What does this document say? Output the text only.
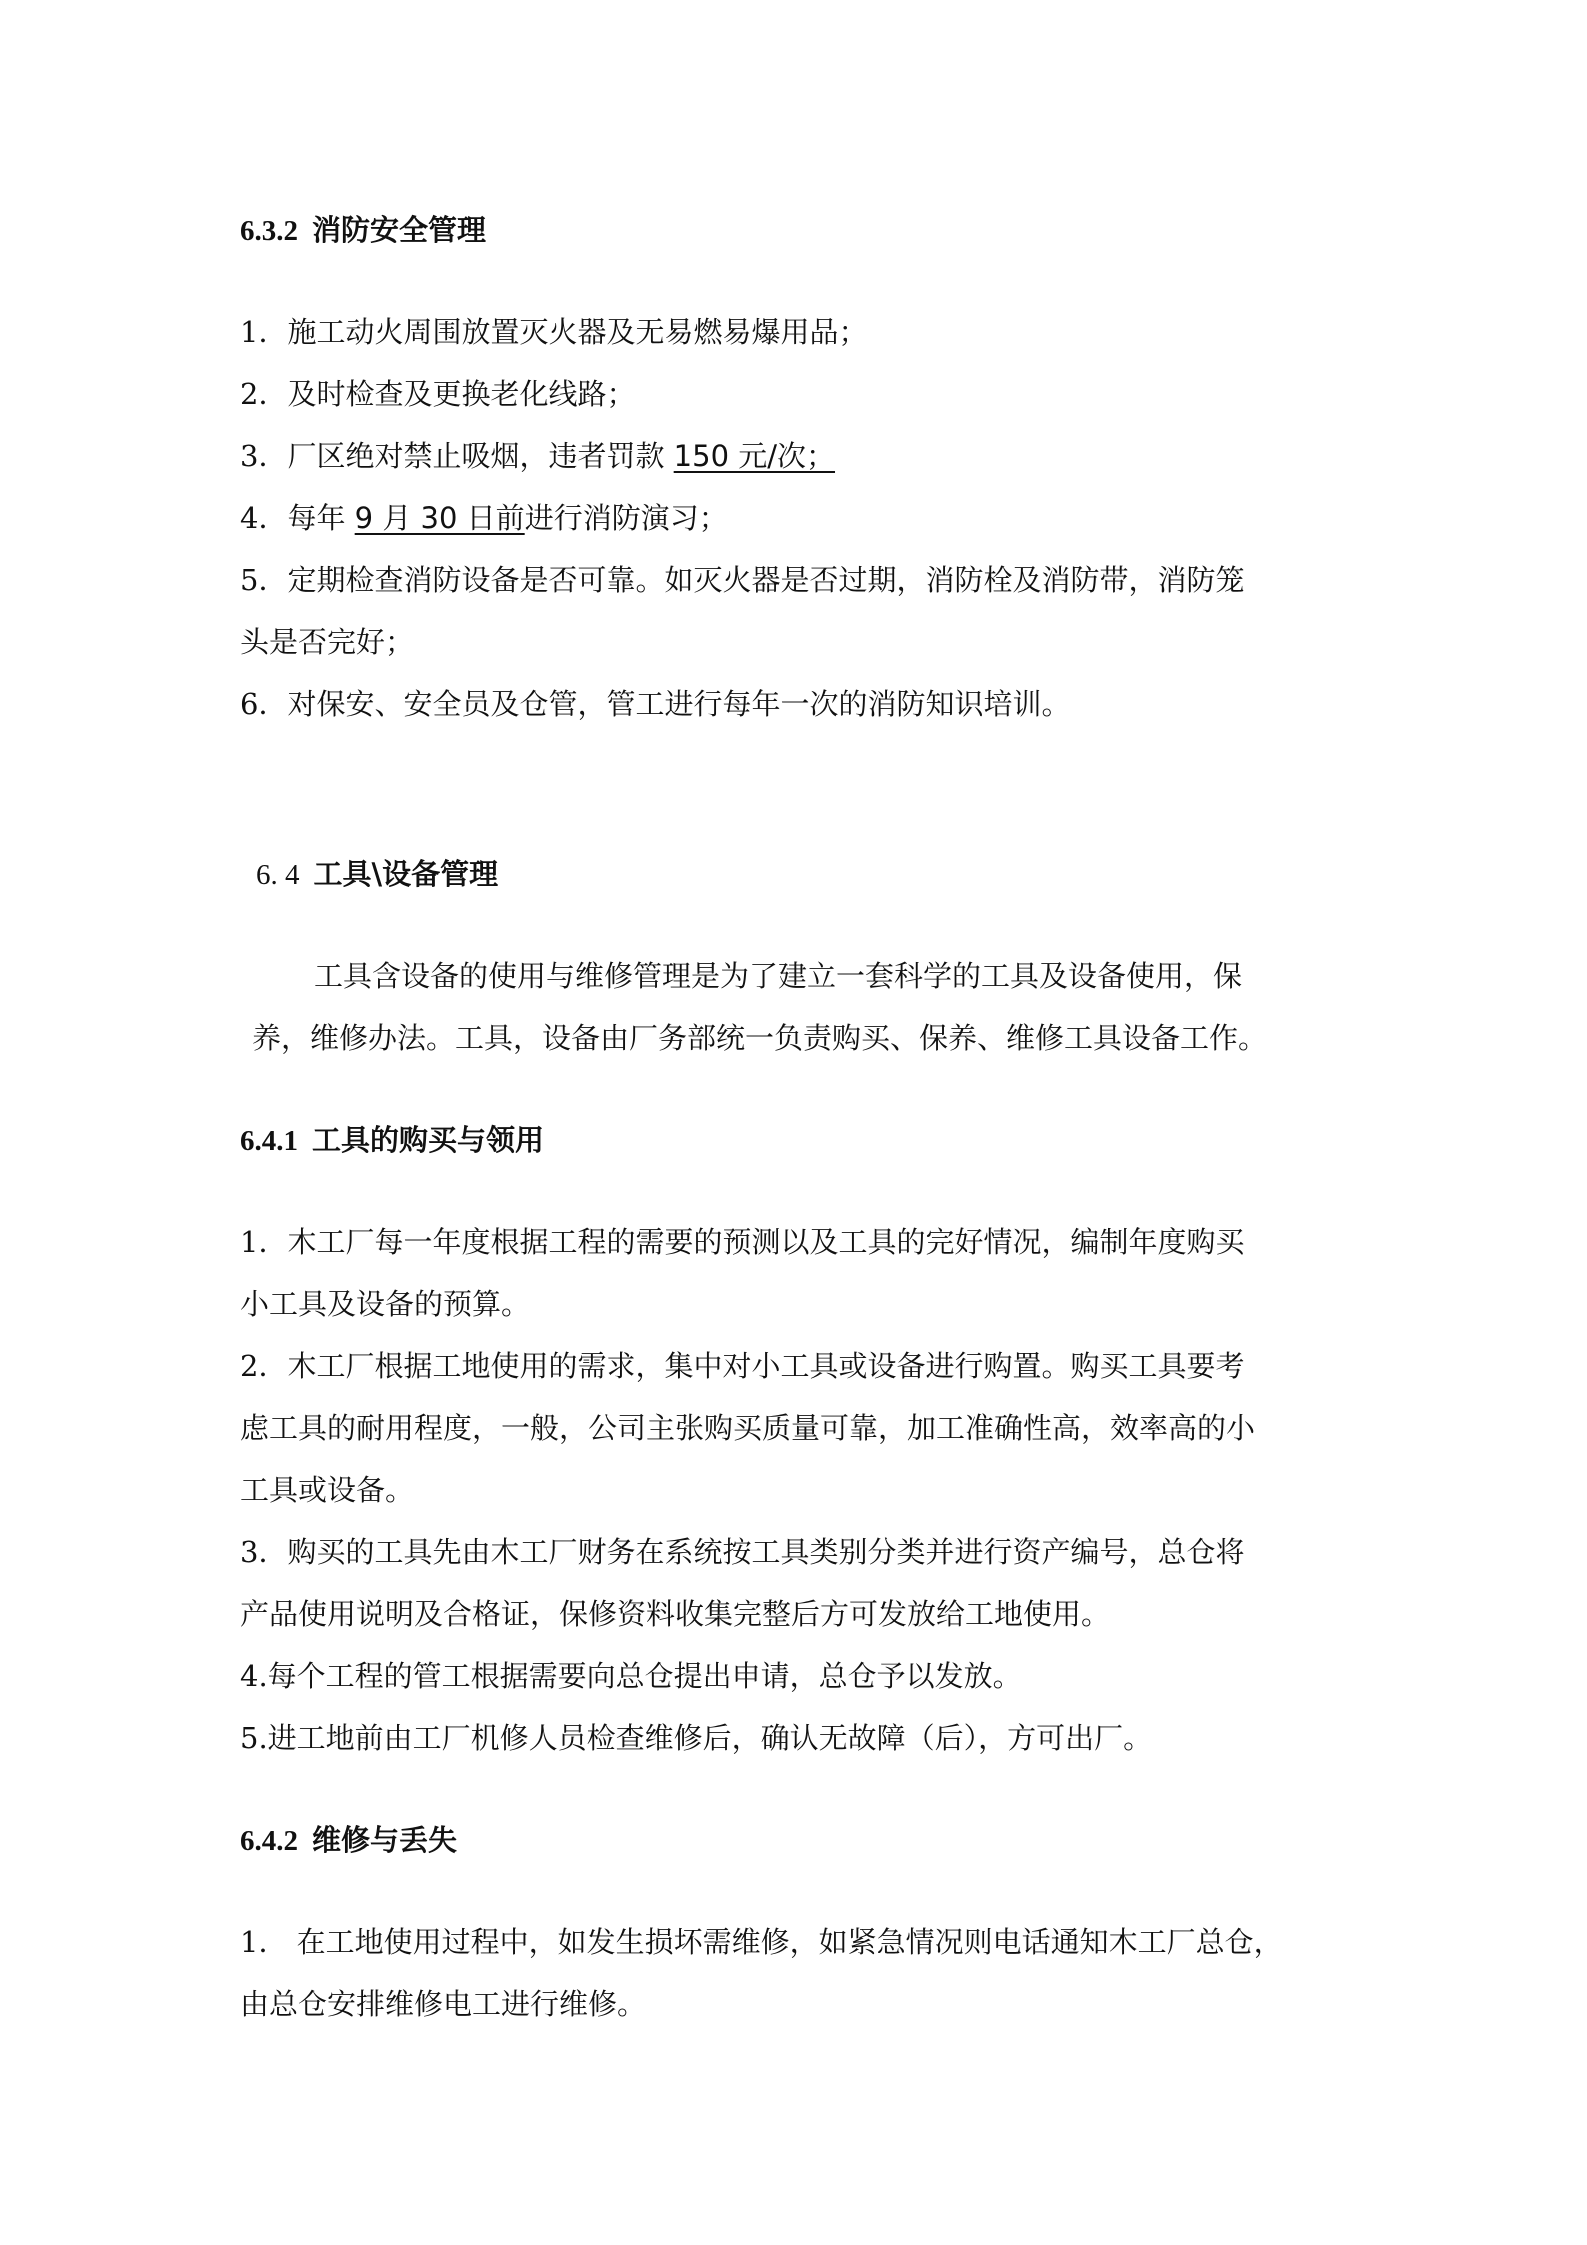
6.3.2 消防安全管理
1．施工动火周围放置灭火器及无易燃易爆用品；
2．及时检查及更换老化线路；
3．厂区绝对禁止吸烟，违者罚款 150 元/次；
4．每年 9 月 30 日前进行消防演习；
5．定期检查消防设备是否可靠。如灭火器是否过期，消防栓及消防带，消防笼
头是否完好；
6．对保安、安全员及仓管，管工进行每年一次的消防知识培训。
6. 4 工具\设备管理
工具含设备的使用与维修管理是为了建立一套科学的工具及设备使用，保
养，维修办法。工具，设备由厂务部统一负责购买、保养、维修工具设备工作。
6.4.1 工具的购买与领用
1．木工厂每一年度根据工程的需要的预测以及工具的完好情况，编制年度购买
小工具及设备的预算。
2．木工厂根据工地使用的需求，集中对小工具或设备进行购置。购买工具要考
虑工具的耐用程度，一般，公司主张购买质量可靠，加工准确性高，效率高的小
工具或设备。
3．购买的工具先由木工厂财务在系统按工具类别分类并进行资产编号，总仓将
产品使用说明及合格证，保修资料收集完整后方可发放给工地使用。
4.每个工程的管工根据需要向总仓提出申请，总仓予以发放。
5.进工地前由工厂机修人员检查维修后，确认无故障（后），方可出厂。
6.4.2 维修与丢失
1． 在工地使用过程中，如发生损坏需维修，如紧急情况则电话通知木工厂总仓，
由总仓安排维修电工进行维修。
